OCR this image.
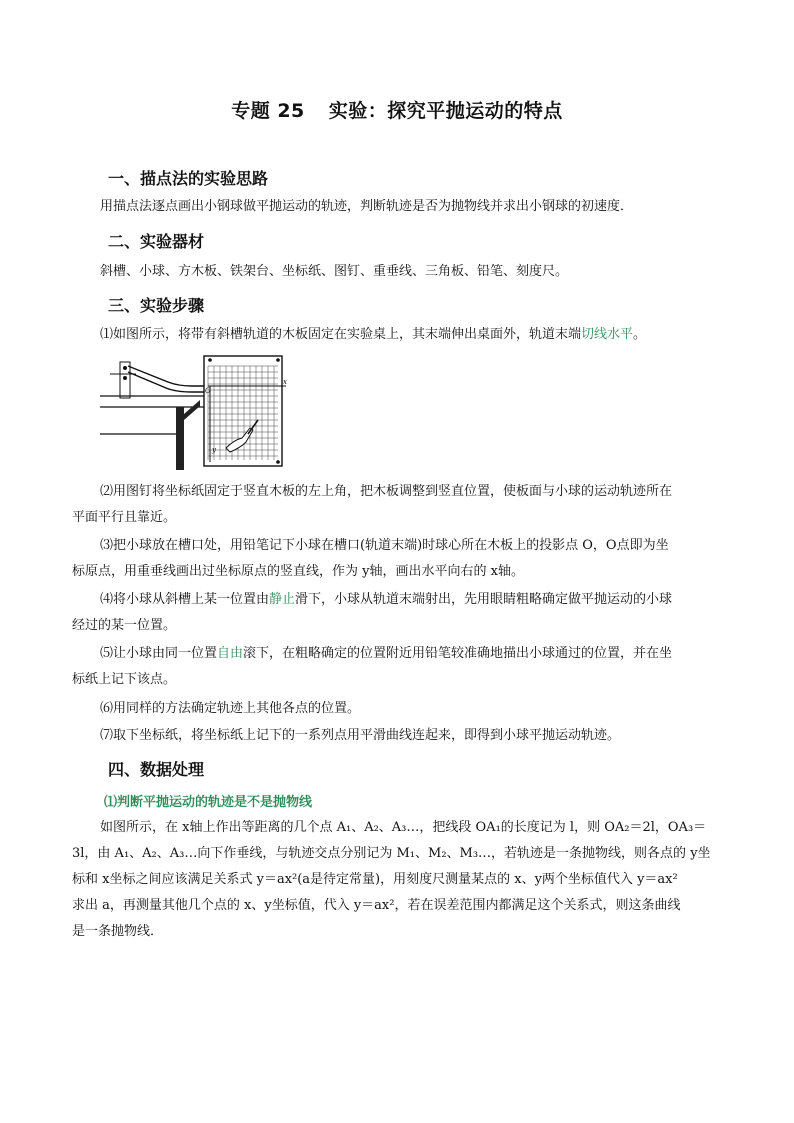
专题 25 实验：探究平抛运动的特点
一、描点法的实验思路
用描点法逐点画出小钢球做平抛运动的轨迹，判断轨迹是否为抛物线并求出小钢球的初速度．
二、实验器材
斜槽、小球、方木板、铁架台、坐标纸、图钉、重垂线、三角板、铅笔、刻度尺。
三、实验步骤
⑴如图所示，将带有斜槽轨道的木板固定在实验桌上，其末端伸出桌面外，轨道末端切线水平。
O
x
y
⑵用图钉将坐标纸固定于竖直木板的左上角，把木板调整到竖直位置，使板面与小球的运动轨迹所在
平面平行且靠近。
⑶把小球放在槽口处，用铅笔记下小球在槽口(轨道末端)时球心所在木板上的投影点 O，O点即为坐
标原点，用重垂线画出过坐标原点的竖直线，作为 y轴，画出水平向右的 x轴。
⑷将小球从斜槽上某一位置由静止滑下，小球从轨道末端射出，先用眼睛粗略确定做平抛运动的小球
经过的某一位置。
⑸让小球由同一位置自由滚下，在粗略确定的位置附近用铅笔较准确地描出小球通过的位置，并在坐
标纸上记下该点。
⑹用同样的方法确定轨迹上其他各点的位置。
⑺取下坐标纸，将坐标纸上记下的一系列点用平滑曲线连起来，即得到小球平抛运动轨迹。
四、数据处理
⑴判断平抛运动的轨迹是不是抛物线
如图所示，在 x轴上作出等距离的几个点 A₁、A₂、A₃…，把线段 OA₁的长度记为 l，则 OA₂＝2l，OA₃＝
3l，由 A₁、A₂、A₃…向下作垂线，与轨迹交点分别记为 M₁、M₂、M₃…，若轨迹是一条抛物线，则各点的 y坐
标和 x坐标之间应该满足关系式 y＝ax²(a是待定常量)，用刻度尺测量某点的 x、y两个坐标值代入 y＝ax²
求出 a，再测量其他几个点的 x、y坐标值，代入 y＝ax²，若在误差范围内都满足这个关系式，则这条曲线
是一条抛物线．
